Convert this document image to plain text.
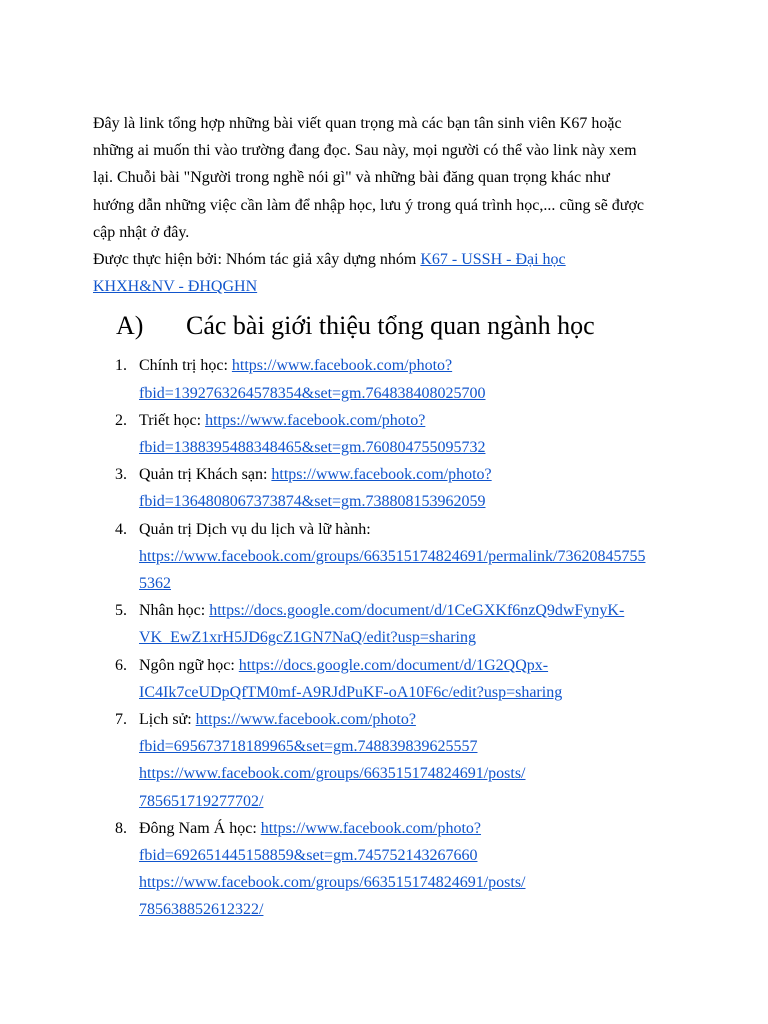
Đây là link tổng hợp những bài viết quan trọng mà các bạn tân sinh viên K67 hoặc
những ai muốn thi vào trường đang đọc. Sau này, mọi người có thể vào link này xem
lại. Chuỗi bài "Người trong nghề nói gì" và những bài đăng quan trọng khác như
hướng dẫn những việc cần làm để nhập học, lưu ý trong quá trình học,... cũng sẽ được
cập nhật ở đây.

Được thực hiện bởi: Nhóm tác giả xây dựng nhóm K67 - USSH - Đại học
KHXH&NV - ĐHQGHN

A) Các bài giới thiệu tổng quan ngành học
1. Chính trị học: https://www.facebook.com/photo?
fbid=1392763264578354&set=gm.764838408025700
2. Triết học: https://www.facebook.com/photo?
fbid=1388395488348465&set=gm.760804755095732
3. Quản trị Khách sạn: https://www.facebook.com/photo?
fbid=1364808067373874&set=gm.738808153962059
4. Quản trị Dịch vụ du lịch và lữ hành:
https://www.facebook.com/groups/663515174824691/permalink/73620845755
5362
5. Nhân học: https://docs.google.com/document/d/1CeGXKf6nzQ9dwFynyK-
VK_EwZ1xrH5JD6gcZ1GN7NaQ/edit?usp=sharing
6. Ngôn ngữ học: https://docs.google.com/document/d/1G2QQpx-
IC4Ik7ceUDpQfTM0mf-A9RJdPuKF-oA10F6c/edit?usp=sharing
7. Lịch sử: https://www.facebook.com/photo?
fbid=695673718189965&set=gm.748839839625557
https://www.facebook.com/groups/663515174824691/posts/
785651719277702/
8. Đông Nam Á học: https://www.facebook.com/photo?
fbid=692651445158859&set=gm.745752143267660
https://www.facebook.com/groups/663515174824691/posts/
785638852612322/
